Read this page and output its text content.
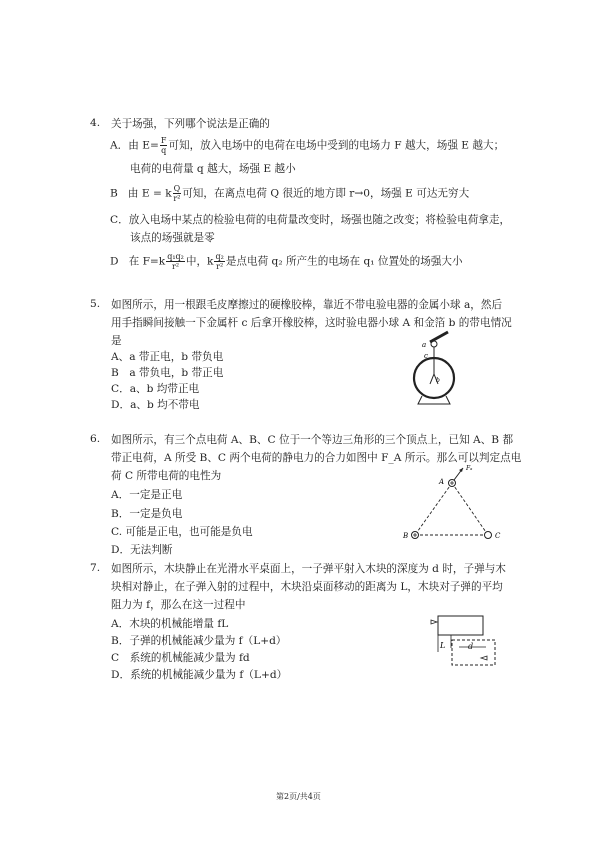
4. 关于场强，下列哪个说法是正确的
A．由 $E= \frac{F}{q}$ 可知，放入电场中的电荷在电场中受到的电场力 F 越大，场强 E 越大；
电荷的电荷量 q 越大，场强 E 越小
B 由 E = k $\frac{Q}{\text{r²}}$ 可知，在离点电荷 Q 很近的地方即 r→0，场强 E 可达无穷大
C．放入电场中某点的检验电荷的电荷量改变时，场强也随之改变；将检验电荷拿走，
该点的场强就是零
D 在 $F=k \frac{\text{q₁q₂}}{\text{r²}}$ 中，k $\frac{\text{q₂}}{\text{r²}}$ 是点电荷 q₂ 所产生的电场在 q₁ 位置处的场强大小
5. 如图所示，用一根跟毛皮摩擦过的硬橡胶棒，靠近不带电验电器的金属小球 a，然后
用手指瞬间接触一下金属杆 c 后拿开橡胶棒，这时验电器小球 A 和金箔 b 的带电情况
是
A、a 带正电，b 带负电
B　a 带负电，b 带正电
C．a、b 均带正电
D．a、b 均不带电
a
c
b
6. 如图所示，有三个点电荷 A、B、C 位于一个等边三角形的三个顶点上，已知 A、B 都
带正电荷，A 所受 B、C 两个电荷的静电力的合力如图中 F_A 所示。那么可以判定点电
荷 C 所带电荷的电性为
A．一定是正电
B．一定是负电
C. 可能是正电，也可能是负电
D．无法判断
A
B	C
Fₐ
7. 如图所示，木块静止在光滑水平桌面上，一子弹平射入木块的深度为 d 时，子弹与木
块相对静止，在子弹入射的过程中，木块沿桌面移动的距离为 L，木块对子弹的平均
阻力为 f，那么在这一过程中
A．木块的机械能增量 fL
B．子弹的机械能减少量为 f（L+d）
C　系统的机械能减少量为 fd
D．系统的机械能减少量为 f（L+d）
L	d
第2页/共4页
